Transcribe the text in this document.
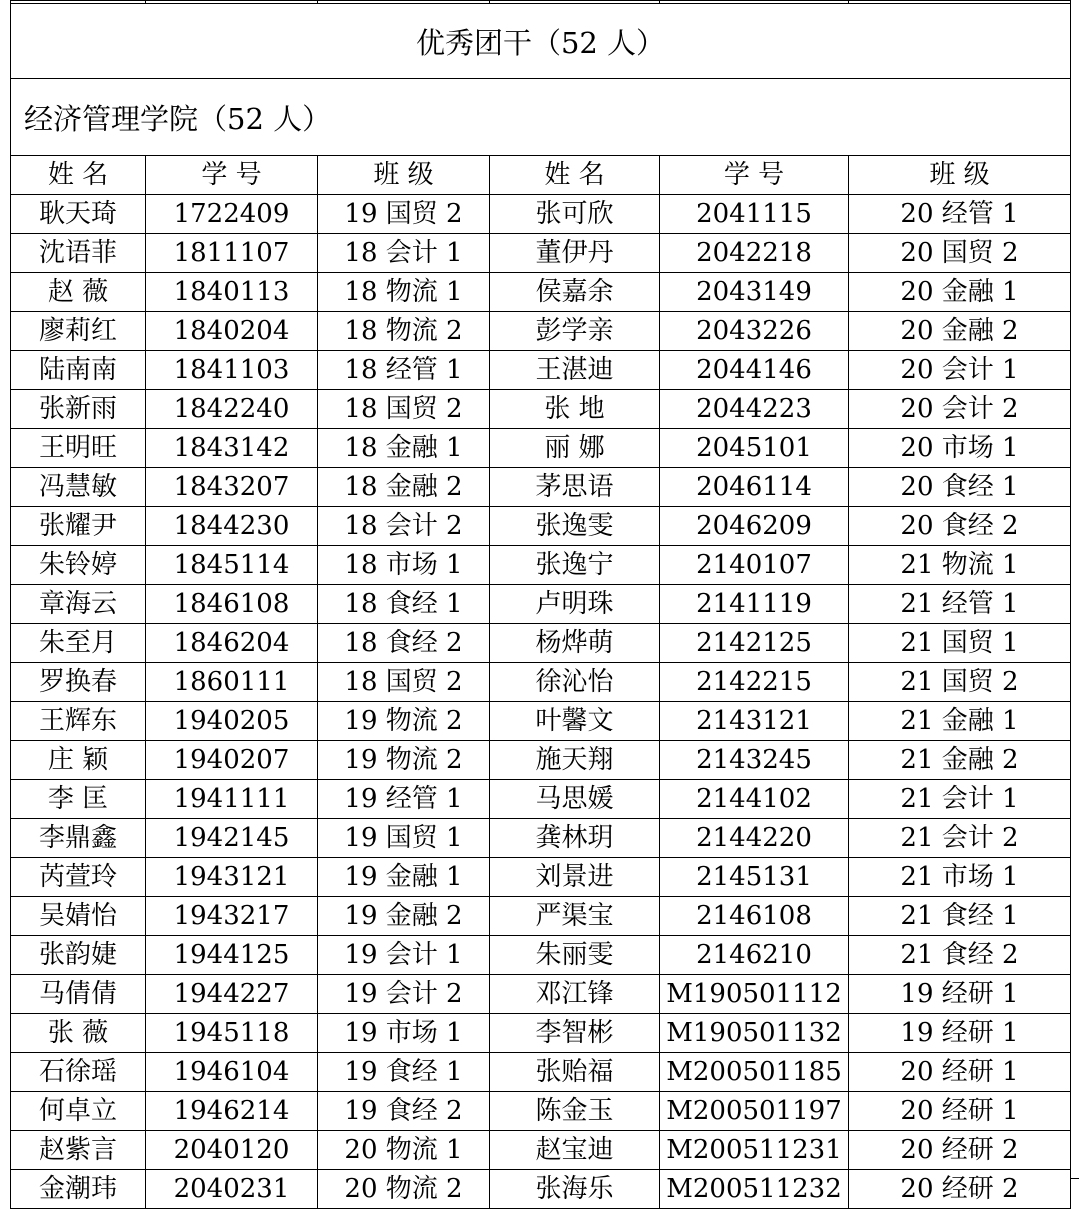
优秀团干（52 人）					
经济管理学院（52 人）					
姓 名	学 号	班 级	姓 名	学 号	班 级
耿天琦	1722409	19 国贸 2	张可欣	2041115	20 经管 1
沈语菲	1811107	18 会计 1	董伊丹	2042218	20 国贸 2
赵 薇	1840113	18 物流 1	侯嘉余	2043149	20 金融 1
廖莉红	1840204	18 物流 2	彭学亲	2043226	20 金融 2
陆南南	1841103	18 经管 1	王湛迪	2044146	20 会计 1
张新雨	1842240	18 国贸 2	张 地	2044223	20 会计 2
王明旺	1843142	18 金融 1	丽 娜	2045101	20 市场 1
冯慧敏	1843207	18 金融 2	茅思语	2046114	20 食经 1
张耀尹	1844230	18 会计 2	张逸雯	2046209	20 食经 2
朱铃婷	1845114	18 市场 1	张逸宁	2140107	21 物流 1
章海云	1846108	18 食经 1	卢明珠	2141119	21 经管 1
朱至月	1846204	18 食经 2	杨烨萌	2142125	21 国贸 1
罗换春	1860111	18 国贸 2	徐沁怡	2142215	21 国贸 2
王辉东	1940205	19 物流 2	叶馨文	2143121	21 金融 1
庄 颖	1940207	19 物流 2	施天翔	2143245	21 金融 2
李 匡	1941111	19 经管 1	马思媛	2144102	21 会计 1
李鼎鑫	1942145	19 国贸 1	龚林玥	2144220	21 会计 2
芮萱玲	1943121	19 金融 1	刘景进	2145131	21 市场 1
吴婧怡	1943217	19 金融 2	严渠宝	2146108	21 食经 1
张韵婕	1944125	19 会计 1	朱丽雯	2146210	21 食经 2
马倩倩	1944227	19 会计 2	邓江锋	M190501112	19 经研 1
张 薇	1945118	19 市场 1	李智彬	M190501132	19 经研 1
石徐瑶	1946104	19 食经 1	张贻福	M200501185	20 经研 1
何卓立	1946214	19 食经 2	陈金玉	M200501197	20 经研 1
赵紫言	2040120	20 物流 1	赵宝迪	M200511231	20 经研 2
金潮玮	2040231	20 物流 2	张海乐	M200511232	20 经研 2
